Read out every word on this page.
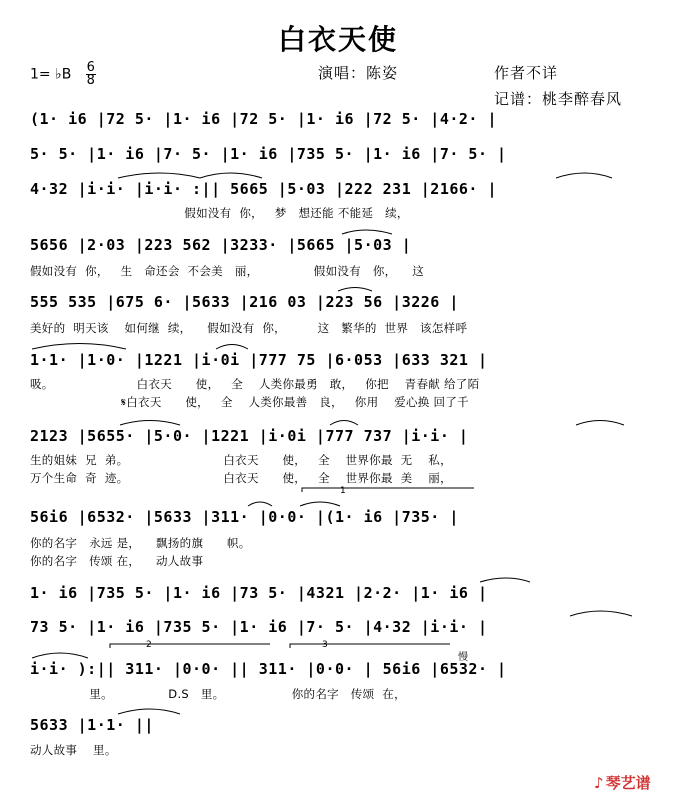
白衣天使
1= ♭B $\frac{6}{8}$	演唱：陈姿	作者不详
记谱：桃李醉春风
(1· i6 |72 5· |1· i6 |72 5· |1· i6 |72 5· |4·2· |
5· 5· |1· i6 |7· 5· |1· i6 |735 5· |1· i6 |7· 5· |
4·32 |i·i· |i·i· :|| 5665 |5·03 |222 231 |2166· |
假如没有  你，   梦   想还能 不能延   续，
5656 |2·03 |223 562 |3233· |5665 |5·03 |
假如没有  你，   生   命还会  不会美   丽，              假如没有   你，    这
555 535 |675 6· |5633 |216 03 |223 56 |3226 |
美好的  明天该    如何继  续，    假如没有  你，        这   繁华的  世界   该怎样呼
1·1· |1·0· |1221 |i·0i |777 75 |6·053 |633 321 |
吸。                     白衣天      使，   全    人类你最勇   敢，   你把    青春献 给了陌
𝄋白衣天      使，   全    人类你最善   良，   你用    爱心换 回了千
2123 |5655· |5·0· |1221 |i·0i |777 737 |i·i· |
生的姐妹  兄  弟。                        白衣天      使，   全    世界你最  无    私，
万个生命  奇  迹。                        白衣天      使，   全    世界你最  美    丽，
56i6 |6532· |5633 |311· |0·0· |(1· i6 |735· |
你的名字   永远 是，    飘扬的旗      帜。
你的名字   传颂 在，    动人故事
1· i6 |735 5· |1· i6 |73 5· |4321 |2·2· |1· i6 |
73 5· |1· i6 |735 5· |1· i6 |7· 5· |4·32 |i·i· |
i·i· ):|| 311· |0·0· || 311· |0·0· | 56i6 |6532· |
里。              D.S   里。                 你的名字   传颂  在，
5633 |1·1· ||
动人故事    里。
1
2	3
慢
♪ 琴艺谱
